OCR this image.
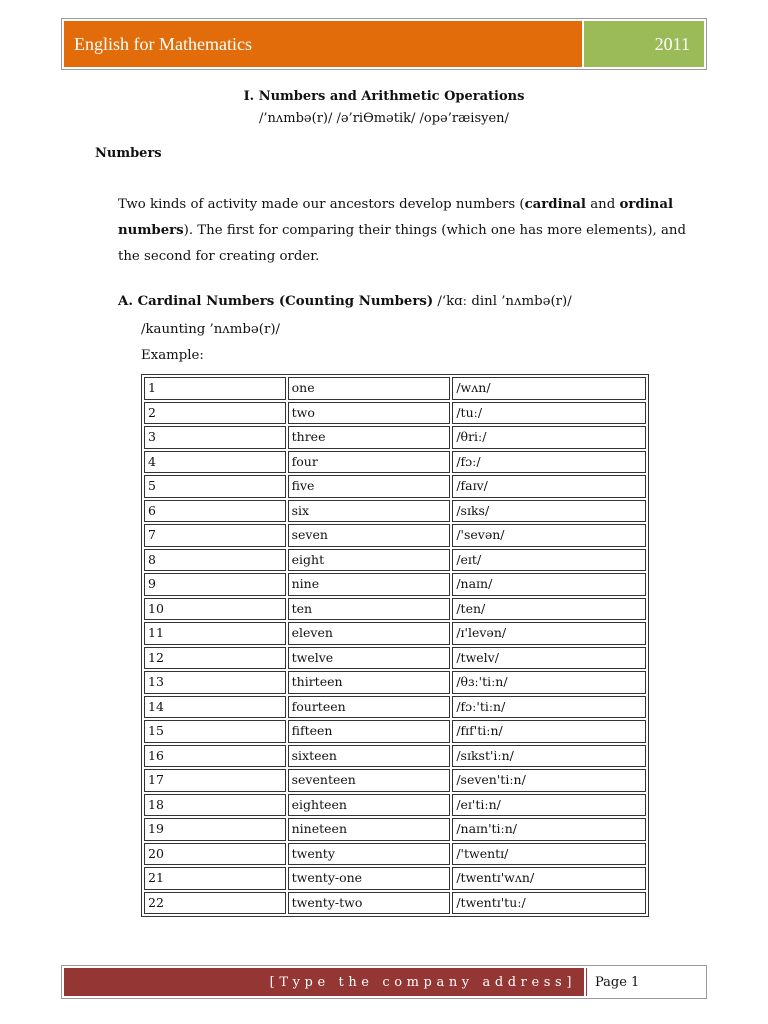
English for Mathematics	2011
I. Numbers and Arithmetic Operations
/’nʌmbə(r)/ /ə’riӨmətik/ /opə’ræisyen/
Numbers
Two kinds of activity made our ancestors develop numbers (cardinal and ordinal numbers). The first for comparing their things (which one has more elements), and the second for creating order.
A. Cardinal Numbers (Counting Numbers) /‘kɑː dinl ’nʌmbə(r)/
/kaunting ’nʌmbə(r)/
Example:
1	one	/wʌn/
2	two	/tuː/
3	three	/θriː/
4	four	/fɔː/
5	five	/faɪv/
6	six	/sɪks/
7	seven	/'sevən/
8	eight	/eɪt/
9	nine	/naɪn/
10	ten	/ten/
11	eleven	/ɪ'levən/
12	twelve	/twelv/
13	thirteen	/θɜː'tiːn/
14	fourteen	/fɔː'tiːn/
15	fifteen	/fɪf'tiːn/
16	sixteen	/sɪkst'iːn/
17	seventeen	/seven'tiːn/
18	eighteen	/eɪ'tiːn/
19	nineteen	/naɪn'tiːn/
20	twenty	/'twentɪ/
21	twenty-one	/twentɪ'wʌn/
22	twenty-two	/twentɪ'tuː/
[Type the company address]	Page 1
